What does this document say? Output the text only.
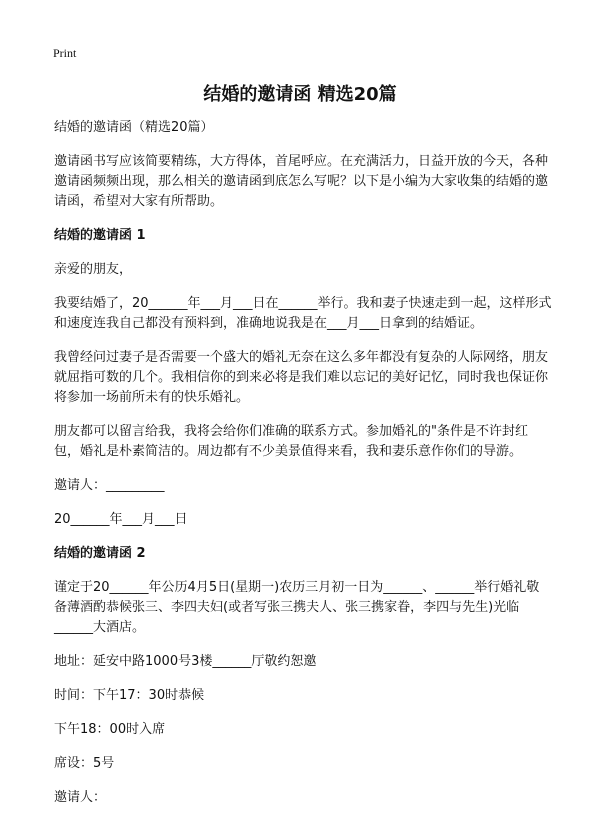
Print
结婚的邀请函 精选20篇

结婚的邀请函（精选20篇）

邀请函书写应该简要精练，大方得体，首尾呼应。在充满活力，日益开放的今天，各种邀请函频频出现，那么相关的邀请函到底怎么写呢？以下是小编为大家收集的结婚的邀请函，希望对大家有所帮助。

结婚的邀请函 1

亲爱的朋友，

我要结婚了，20______年___月___日在______举行。我和妻子快速走到一起，这样形式和速度连我自己都没有预料到，准确地说我是在___月___日拿到的结婚证。

我曾经问过妻子是否需要一个盛大的婚礼无奈在这么多年都没有复杂的人际网络，朋友就屈指可数的几个。我相信你的到来必将是我们难以忘记的美好记忆，同时我也保证你将参加一场前所未有的快乐婚礼。

朋友都可以留言给我，我将会给你们准确的联系方式。参加婚礼的"条件是不许封红包，婚礼是朴素简洁的。周边都有不少美景值得来看，我和妻乐意作你们的导游。

邀请人：_________

20______年___月___日

结婚的邀请函 2

谨定于20______年公历4月5日(星期一)农历三月初一日为______、______举行婚礼敬备薄酒酌恭候张三、李四夫妇(或者写张三携夫人、张三携家眷，李四与先生)光临______大酒店。

地址：延安中路1000号3楼______厅敬约恕邀

时间：下午17：30时恭候

下午18：00时入席

席设：5号

邀请人：
